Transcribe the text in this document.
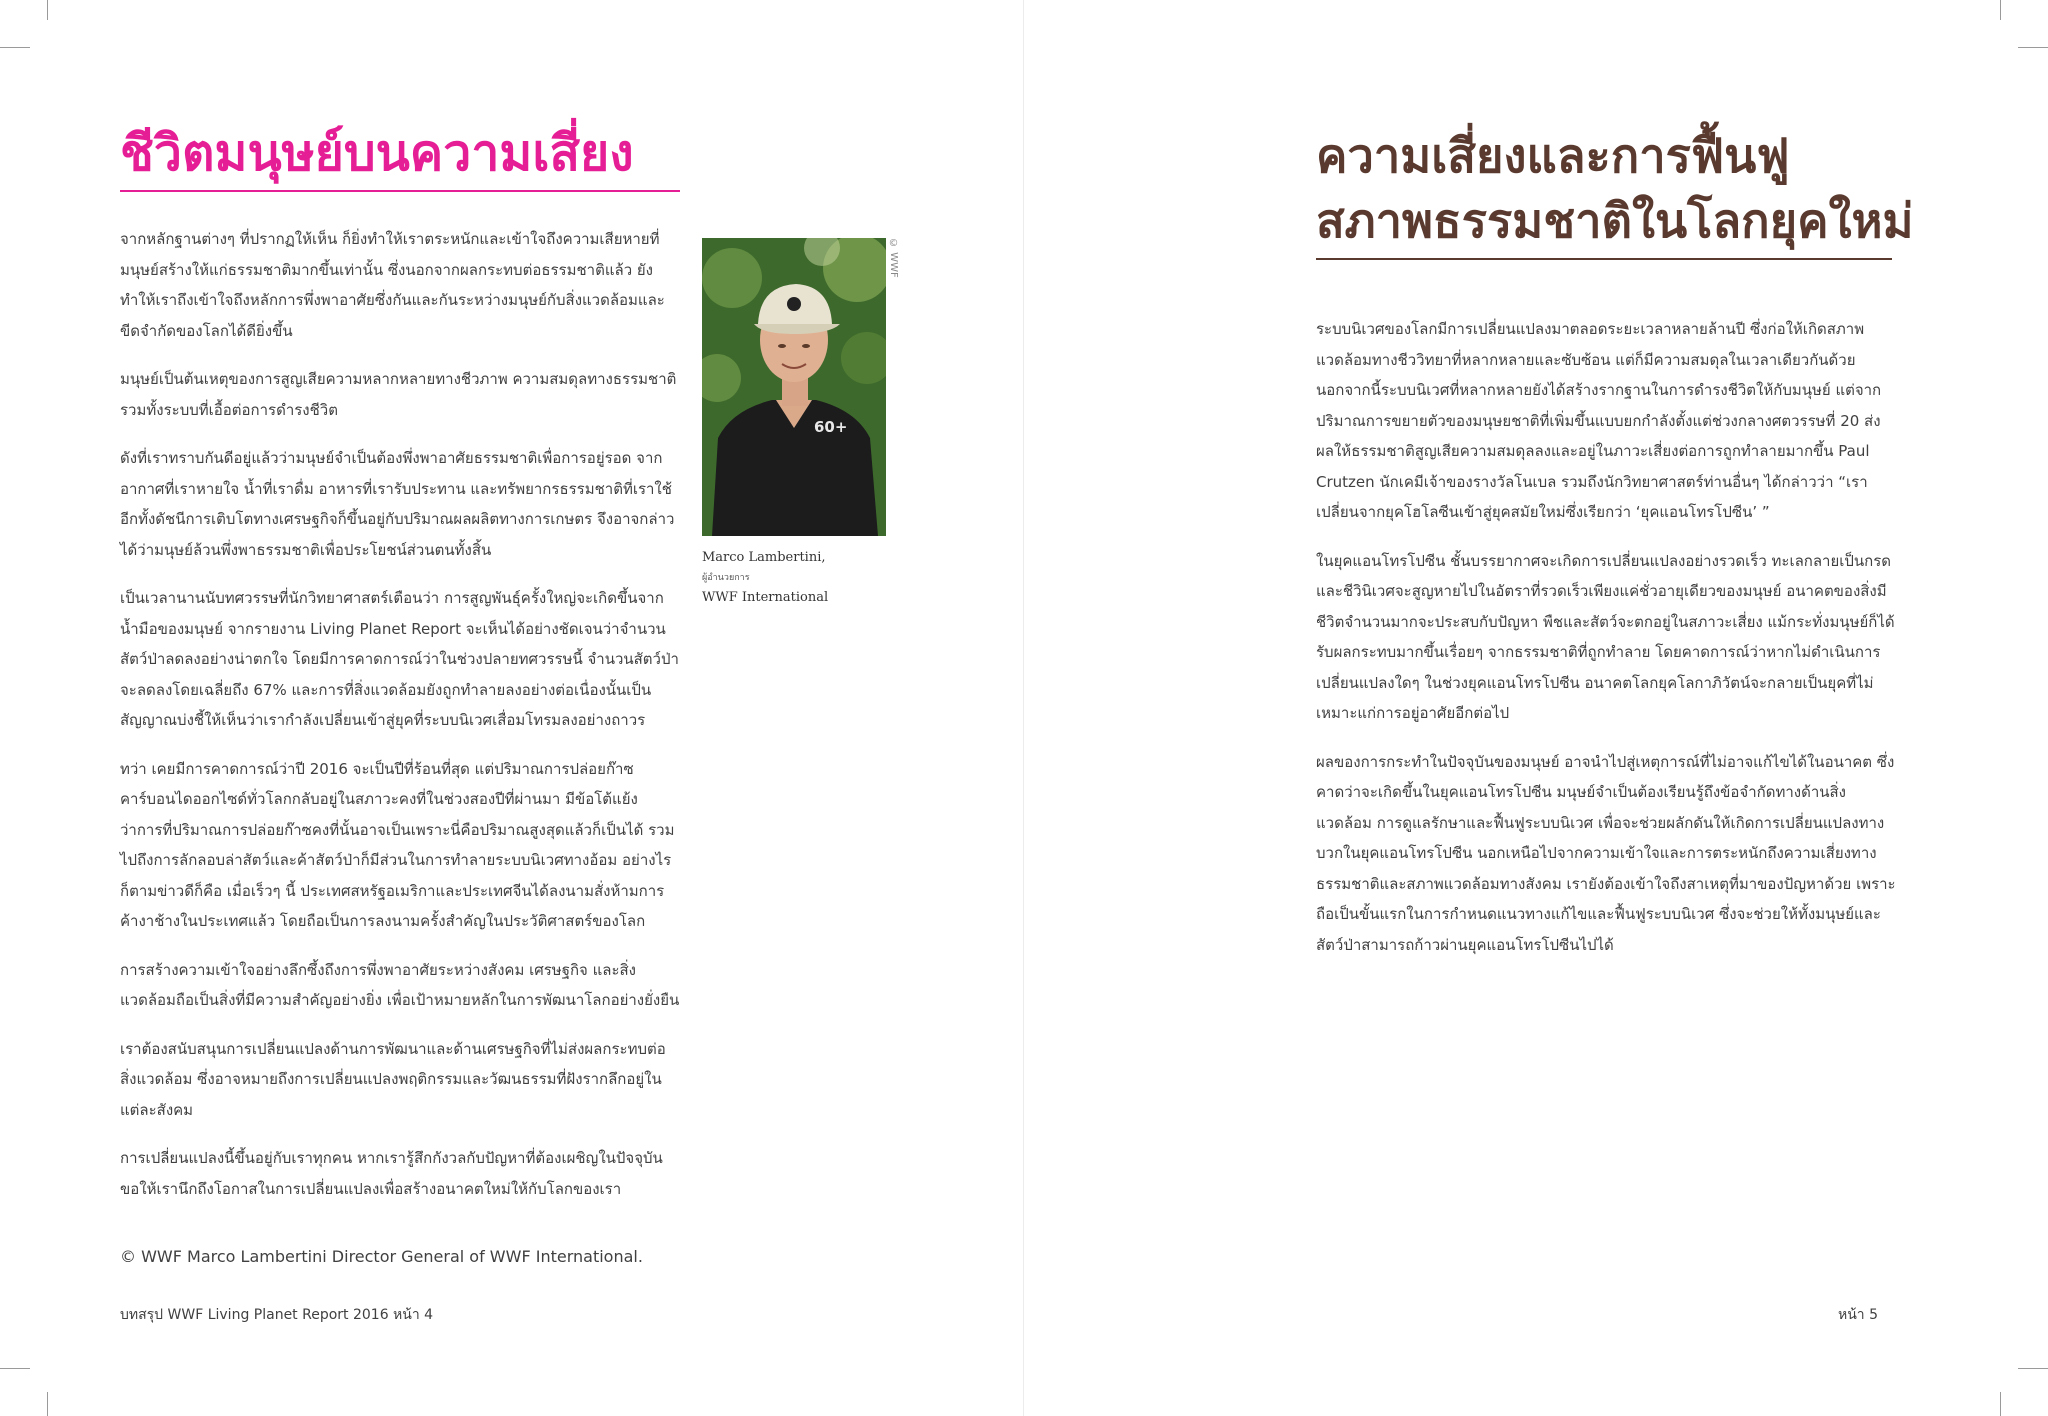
ชีวิตมนุษย์บนความเสี่ยง

จากหลักฐานต่างๆ ที่ปรากฏให้เห็น ก็ยิ่งทำให้เราตระหนักและเข้าใจถึงความเสียหายที่มนุษย์สร้างให้แก่ธรรมชาติมากขึ้นเท่านั้น ซึ่งนอกจากผลกระทบต่อธรรมชาติแล้ว ยังทำให้เราถึงเข้าใจถึงหลักการพึ่งพาอาศัยซึ่งกันและกันระหว่างมนุษย์กับสิ่งแวดล้อมและขีดจำกัดของโลกได้ดียิ่งขึ้น

มนุษย์เป็นต้นเหตุของการสูญเสียความหลากหลายทางชีวภาพ ความสมดุลทางธรรมชาติ รวมทั้งระบบที่เอื้อต่อการดำรงชีวิต

ดังที่เราทราบกันดีอยู่แล้วว่ามนุษย์จำเป็นต้องพึ่งพาอาศัยธรรมชาติเพื่อการอยู่รอด จากอากาศที่เราหายใจ น้ำที่เราดื่ม อาหารที่เรารับประทาน และทรัพยากรธรรมชาติที่เราใช้ อีกทั้งดัชนีการเติบโตทางเศรษฐกิจก็ขึ้นอยู่กับปริมาณผลผลิตทางการเกษตร จึงอาจกล่าวได้ว่ามนุษย์ล้วนพึ่งพาธรรมชาติเพื่อประโยชน์ส่วนตนทั้งสิ้น

เป็นเวลานานนับทศวรรษที่นักวิทยาศาสตร์เตือนว่า การสูญพันธุ์ครั้งใหญ่จะเกิดขึ้นจากน้ำมือของมนุษย์ จากรายงาน Living Planet Report จะเห็นได้อย่างชัดเจนว่าจำนวนสัตว์ป่าลดลงอย่างน่าตกใจ โดยมีการคาดการณ์ว่าในช่วงปลายทศวรรษนี้ จำนวนสัตว์ป่าจะลดลงโดยเฉลี่ยถึง 67% และการที่สิ่งแวดล้อมยังถูกทำลายลงอย่างต่อเนื่องนั้นเป็นสัญญาณบ่งชี้ให้เห็นว่าเรากำลังเปลี่ยนเข้าสู่ยุคที่ระบบนิเวศเสื่อมโทรมลงอย่างถาวร

ทว่า เคยมีการคาดการณ์ว่าปี 2016 จะเป็นปีที่ร้อนที่สุด แต่ปริมาณการปล่อยก๊าซคาร์บอนไดออกไซด์ทั่วโลกกลับอยู่ในสภาวะคงที่ในช่วงสองปีที่ผ่านมา มีข้อโต้แย้งว่าการที่ปริมาณการปล่อยก๊าซคงที่นั้นอาจเป็นเพราะนี่คือปริมาณสูงสุดแล้วก็เป็นได้ รวมไปถึงการลักลอบล่าสัตว์และค้าสัตว์ป่าก็มีส่วนในการทำลายระบบนิเวศทางอ้อม อย่างไรก็ตามข่าวดีก็คือ เมื่อเร็วๆ นี้ ประเทศสหรัฐอเมริกาและประเทศจีนได้ลงนามสั่งห้ามการค้างาช้างในประเทศแล้ว โดยถือเป็นการลงนามครั้งสำคัญในประวัติศาสตร์ของโลก

การสร้างความเข้าใจอย่างลึกซึ้งถึงการพึ่งพาอาศัยระหว่างสังคม เศรษฐกิจ และสิ่งแวดล้อมถือเป็นสิ่งที่มีความสำคัญอย่างยิ่ง เพื่อเป้าหมายหลักในการพัฒนาโลกอย่างยั่งยืน

เราต้องสนับสนุนการเปลี่ยนแปลงด้านการพัฒนาและด้านเศรษฐกิจที่ไม่ส่งผลกระทบต่อสิ่งแวดล้อม ซึ่งอาจหมายถึงการเปลี่ยนแปลงพฤติกรรมและวัฒนธรรมที่ฝังรากลึกอยู่ในแต่ละสังคม

การเปลี่ยนแปลงนี้ขึ้นอยู่กับเราทุกคน หากเรารู้สึกกังวลกับปัญหาที่ต้องเผชิญในปัจจุบัน ขอให้เรานึกถึงโอกาสในการเปลี่ยนแปลงเพื่อสร้างอนาคตใหม่ให้กับโลกของเรา

© WWF Marco Lambertini Director General of WWF International.
บทสรุป WWF Living Planet Report 2016 หน้า 4
60+
© WWF
Marco Lambertini,
ผู้อำนวยการ
WWF International
ความเสี่ยงและการฟื้นฟู
สภาพธรรมชาติในโลกยุคใหม่

ระบบนิเวศของโลกมีการเปลี่ยนแปลงมาตลอดระยะเวลาหลายล้านปี ซึ่งก่อให้เกิดสภาพแวดล้อมทางชีววิทยาที่หลากหลายและซับซ้อน แต่ก็มีความสมดุลในเวลาเดียวกันด้วย นอกจากนี้ระบบนิเวศที่หลากหลายยังได้สร้างรากฐานในการดำรงชีวิตให้กับมนุษย์ แต่จากปริมาณการขยายตัวของมนุษยชาติที่เพิ่มขึ้นแบบยกกำลังตั้งแต่ช่วงกลางศตวรรษที่ 20 ส่งผลให้ธรรมชาติสูญเสียความสมดุลลงและอยู่ในภาวะเสี่ยงต่อการถูกทำลายมากขึ้น Paul Crutzen นักเคมีเจ้าของรางวัลโนเบล รวมถึงนักวิทยาศาสตร์ท่านอื่นๆ ได้กล่าวว่า “เราเปลี่ยนจากยุคโฮโลซีนเข้าสู่ยุคสมัยใหม่ซึ่งเรียกว่า ‘ยุคแอนโทรโปซีน’ ”

ในยุคแอนโทรโปซีน ชั้นบรรยากาศจะเกิดการเปลี่ยนแปลงอย่างรวดเร็ว ทะเลกลายเป็นกรดและชีวินิเวศจะสูญหายไปในอัตราที่รวดเร็วเพียงแค่ชั่วอายุเดียวของมนุษย์ อนาคตของสิ่งมีชีวิตจำนวนมากจะประสบกับปัญหา พืชและสัตว์จะตกอยู่ในสภาวะเสี่ยง แม้กระทั่งมนุษย์ก็ได้รับผลกระทบมากขึ้นเรื่อยๆ จากธรรมชาติที่ถูกทำลาย โดยคาดการณ์ว่าหากไม่ดำเนินการเปลี่ยนแปลงใดๆ ในช่วงยุคแอนโทรโปซีน อนาคตโลกยุคโลกาภิวัตน์จะกลายเป็นยุคที่ไม่เหมาะแก่การอยู่อาศัยอีกต่อไป

ผลของการกระทำในปัจจุบันของมนุษย์ อาจนำไปสู่เหตุการณ์ที่ไม่อาจแก้ไขได้ในอนาคต ซึ่งคาดว่าจะเกิดขึ้นในยุคแอนโทรโปซีน มนุษย์จำเป็นต้องเรียนรู้ถึงข้อจำกัดทางด้านสิ่งแวดล้อม การดูแลรักษาและฟื้นฟูระบบนิเวศ เพื่อจะช่วยผลักดันให้เกิดการเปลี่ยนแปลงทางบวกในยุคแอนโทรโปซีน นอกเหนือไปจากความเข้าใจและการตระหนักถึงความเสี่ยงทางธรรมชาติและสภาพแวดล้อมทางสังคม เรายังต้องเข้าใจถึงสาเหตุที่มาของปัญหาด้วย เพราะถือเป็นขั้นแรกในการกำหนดแนวทางแก้ไขและฟื้นฟูระบบนิเวศ ซึ่งจะช่วยให้ทั้งมนุษย์และสัตว์ป่าสามารถก้าวผ่านยุคแอนโทรโปซีนไปได้

หน้า 5
